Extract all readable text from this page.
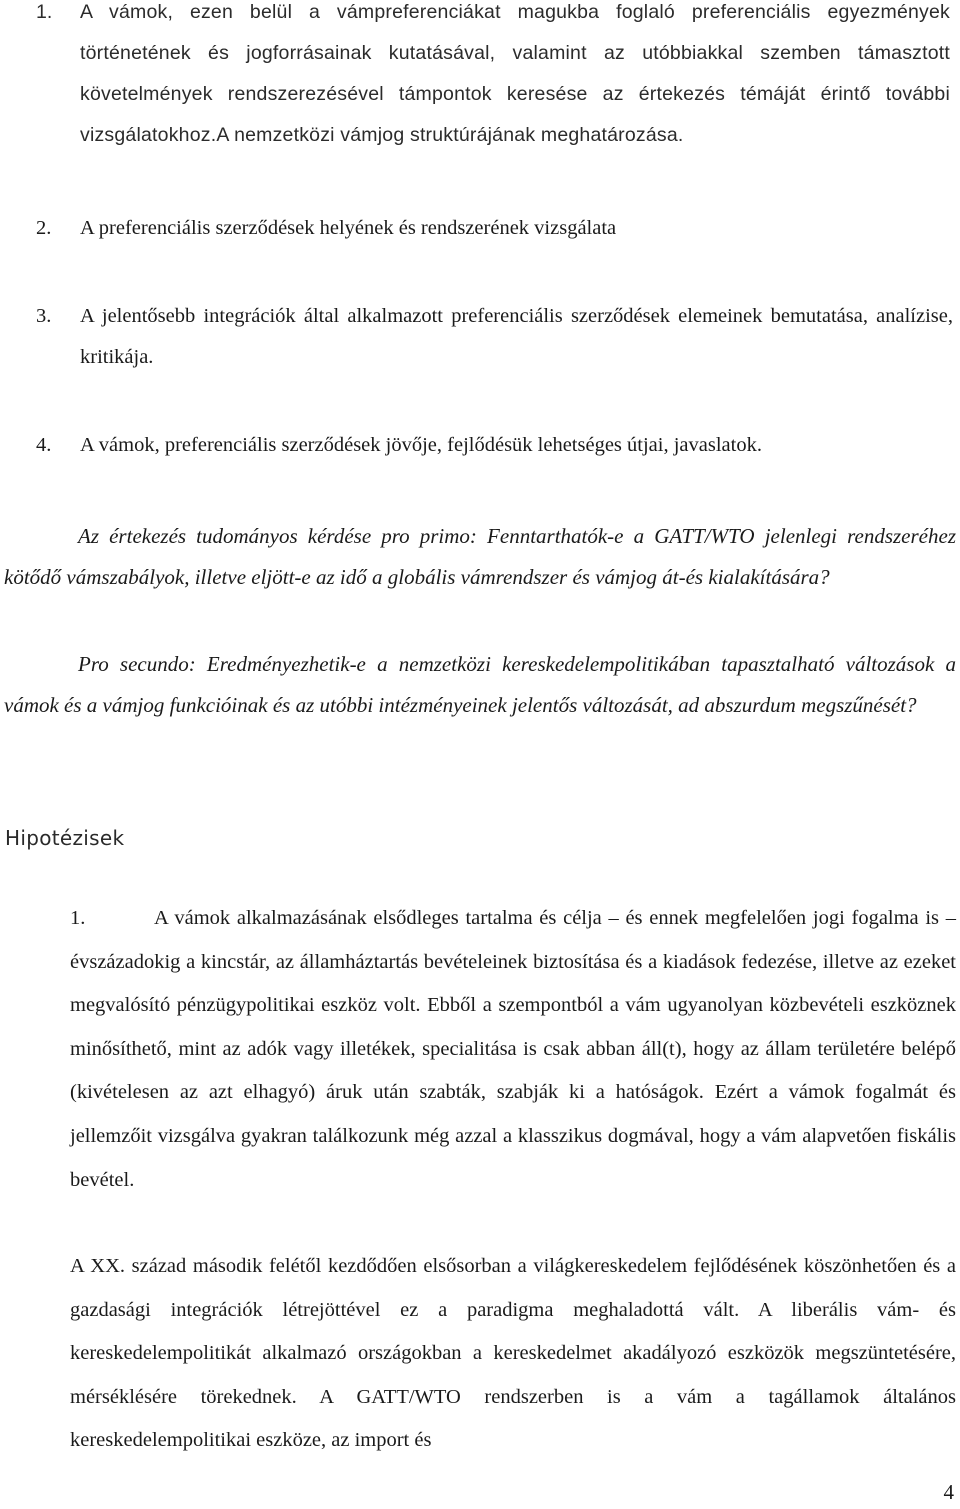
1. A vámok, ezen belül a vámpreferenciákat magukba foglaló preferenciális egyezmények történetének és jogforrásainak kutatásával, valamint az utóbbiakkal szemben támasztott követelmények rendszerezésével támpontok keresése az értekezés témáját érintő további vizsgálatokhoz.A nemzetközi vámjog struktúrájának meghatározása.
2. A preferenciális szerződések helyének és rendszerének vizsgálata
3. A jelentősebb integrációk által alkalmazott preferenciális szerződések elemeinek bemutatása, analízise, kritikája.
4. A vámok, preferenciális szerződések jövője, fejlődésük lehetséges útjai, javaslatok.

Az értekezés tudományos kérdése pro primo: Fenntarthatók-e a GATT/WTO jelenlegi rendszeréhez kötődő vámszabályok, illetve eljött-e az idő a globális vámrendszer és vámjog át-és kialakítására?

Pro secundo: Eredményezhetik-e a nemzetközi kereskedelempolitikában tapasztalható változások a vámok és a vámjog funkcióinak és az utóbbi intézményeinek jelentős változását, ad abszurdum megszűnését?

Hipotézisek

1.	A vámok alkalmazásának elsődleges tartalma és célja – és ennek megfelelően jogi fogalma is – évszázadokig a kincstár, az államháztartás bevételeinek biztosítása és a kiadások fedezése, illetve az ezeket megvalósító pénzügypolitikai eszköz volt. Ebből a szempontból a vám ugyanolyan közbevételi eszköznek minősíthető, mint az adók vagy illetékek, specialitása is csak abban áll(t), hogy az állam területére belépő (kivételesen az azt elhagyó) áruk után szabták, szabják ki a hatóságok. Ezért a vámok fogalmát és jellemzőit vizsgálva gyakran találkozunk még azzal a klasszikus dogmával, hogy a vám alapvetően fiskális bevétel.

A XX. század második felétől kezdődően elsősorban a világkereskedelem fejlődésének köszönhetően és a gazdasági integrációk létrejöttével ez a paradigma meghaladottá vált. A liberális vám- és kereskedelempolitikát alkalmazó országokban a kereskedelmet akadályozó eszközök megszüntetésére, mérséklésére törekednek. A GATT/WTO rendszerben is a vám a tagállamok általános kereskedelempolitikai eszköze, az import és

4
